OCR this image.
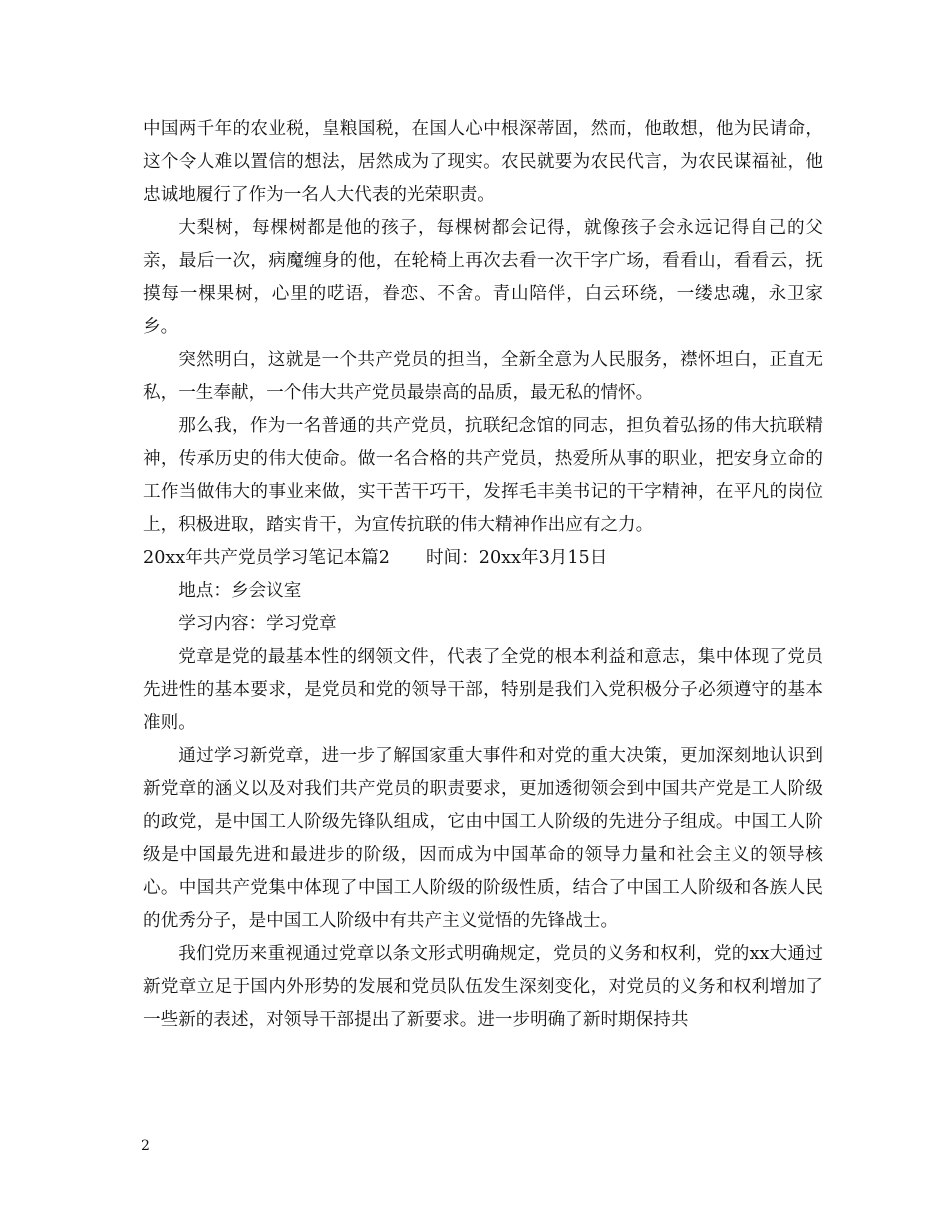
中国两千年的农业税，皇粮国税，在国人心中根深蒂固，然而，他敢想，他为民请命，这个令人难以置信的想法，居然成为了现实。农民就要为农民代言，为农民谋福祉，他忠诚地履行了作为一名人大代表的光荣职责。

大梨树，每棵树都是他的孩子，每棵树都会记得，就像孩子会永远记得自己的父亲，最后一次，病魔缠身的他，在轮椅上再次去看一次干字广场，看看山，看看云，抚摸每一棵果树，心里的呓语，眷恋、不舍。青山陪伴，白云环绕，一缕忠魂，永卫家乡。

突然明白，这就是一个共产党员的担当，全新全意为人民服务，襟怀坦白，正直无私，一生奉献，一个伟大共产党员最崇高的品质，最无私的情怀。

那么我，作为一名普通的共产党员，抗联纪念馆的同志，担负着弘扬的伟大抗联精神，传承历史的伟大使命。做一名合格的共产党员，热爱所从事的职业，把安身立命的工作当做伟大的事业来做，实干苦干巧干，发挥毛丰美书记的干字精神，在平凡的岗位上，积极进取，踏实肯干，为宣传抗联的伟大精神作出应有之力。

20xx年共产党员学习笔记本篇2 时间：20xx年3月15日

地点：乡会议室

学习内容：学习党章

党章是党的最基本性的纲领文件，代表了全党的根本利益和意志，集中体现了党员先进性的基本要求，是党员和党的领导干部，特别是我们入党积极分子必须遵守的基本准则。

通过学习新党章，进一步了解国家重大事件和对党的重大决策，更加深刻地认识到新党章的涵义以及对我们共产党员的职责要求，更加透彻领会到中国共产党是工人阶级的政党，是中国工人阶级先锋队组成，它由中国工人阶级的先进分子组成。中国工人阶级是中国最先进和最进步的阶级，因而成为中国革命的领导力量和社会主义的领导核心。中国共产党集中体现了中国工人阶级的阶级性质，结合了中国工人阶级和各族人民的优秀分子，是中国工人阶级中有共产主义觉悟的先锋战士。

我们党历来重视通过党章以条文形式明确规定，党员的义务和权利，党的xx大通过新党章立足于国内外形势的发展和党员队伍发生深刻变化，对党员的义务和权利增加了一些新的表述，对领导干部提出了新要求。进一步明确了新时期保持共

2
